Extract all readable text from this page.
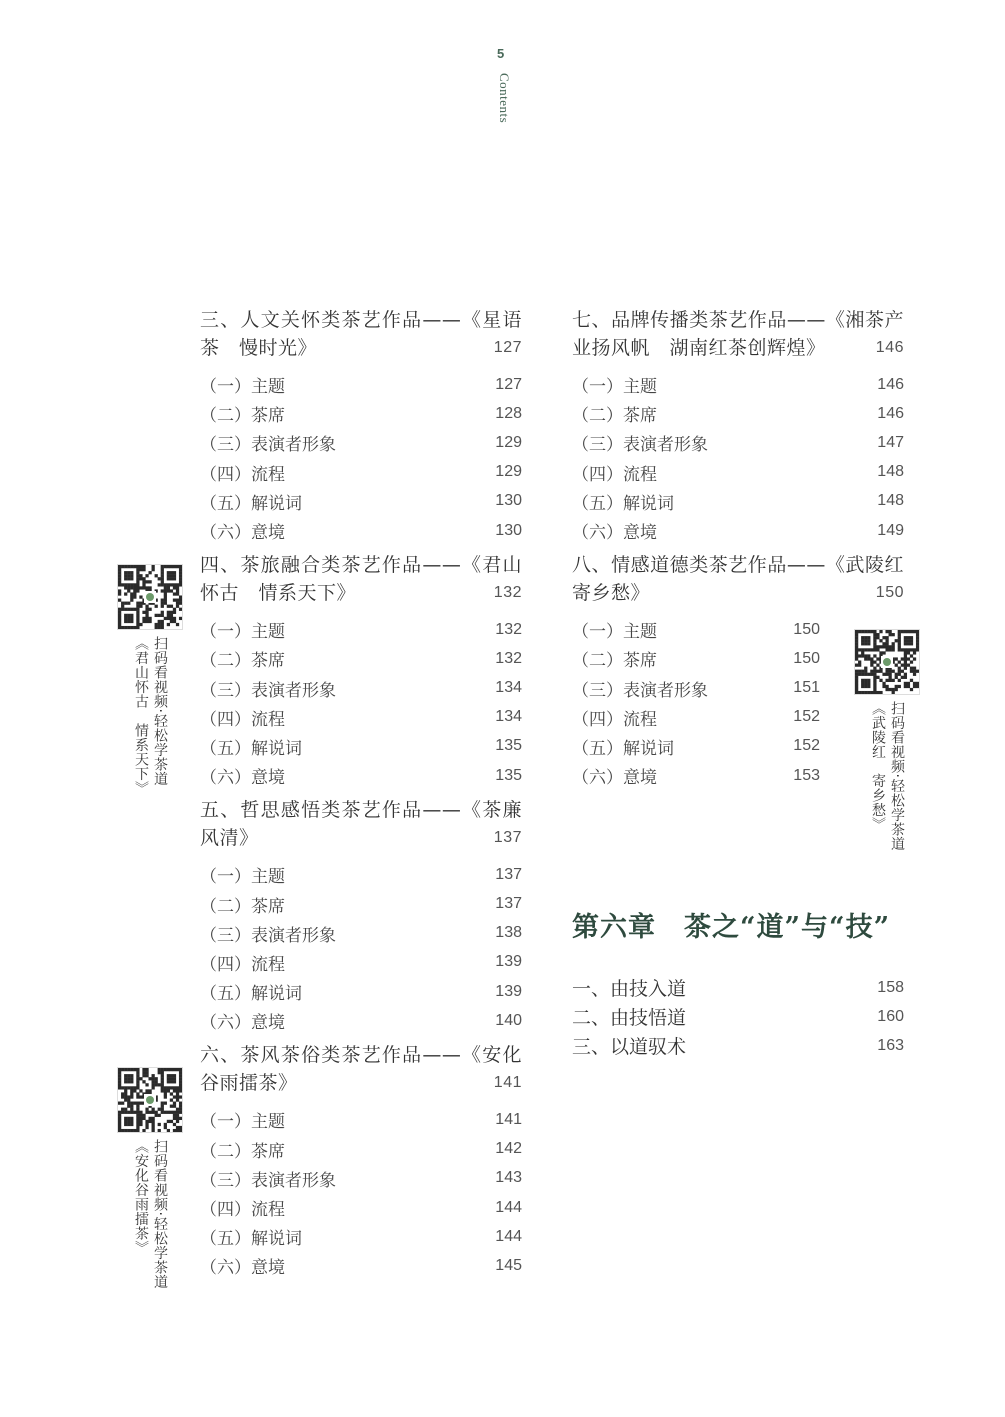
5
Contents
三、人文关怀类茶艺作品——《星语茶　慢时光》	127
（一）主题	127
（二）茶席	128
（三）表演者形象	129
（四）流程	129
（五）解说词	130
（六）意境	130
四、茶旅融合类茶艺作品——《君山怀古　情系天下》	132
（一）主题	132
（二）茶席	132
（三）表演者形象	134
（四）流程	134
（五）解说词	135
（六）意境	135
五、哲思感悟类茶艺作品——《茶廉　风清》	137
（一）主题	137
（二）茶席	137
（三）表演者形象	138
（四）流程	139
（五）解说词	139
（六）意境	140
六、茶风茶俗类茶艺作品——《安化谷雨擂茶》	141
（一）主题	141
（二）茶席	142
（三）表演者形象	143
（四）流程	144
（五）解说词	144
（六）意境	145
七、品牌传播类茶艺作品——《湘茶产业扬风帆　湖南红茶创辉煌》	146
（一）主题	146
（二）茶席	146
（三）表演者形象	147
（四）流程	148
（五）解说词	148
（六）意境	149
八、情感道德类茶艺作品——《武陵红　寄乡愁》	150
（一）主题	150
（二）茶席	150
（三）表演者形象	151
（四）流程	152
（五）解说词	152
（六）意境	153
第六章　茶之“道”与“技”
一、由技入道	158
二、由技悟道	160
三、以道驭术	163
扫码看视频·轻松学茶道
《君山怀古　情系天下》
扫码看视频·轻松学茶道
《安化谷雨擂茶》
扫码看视频·轻松学茶道
《武陵红　寄乡愁》
